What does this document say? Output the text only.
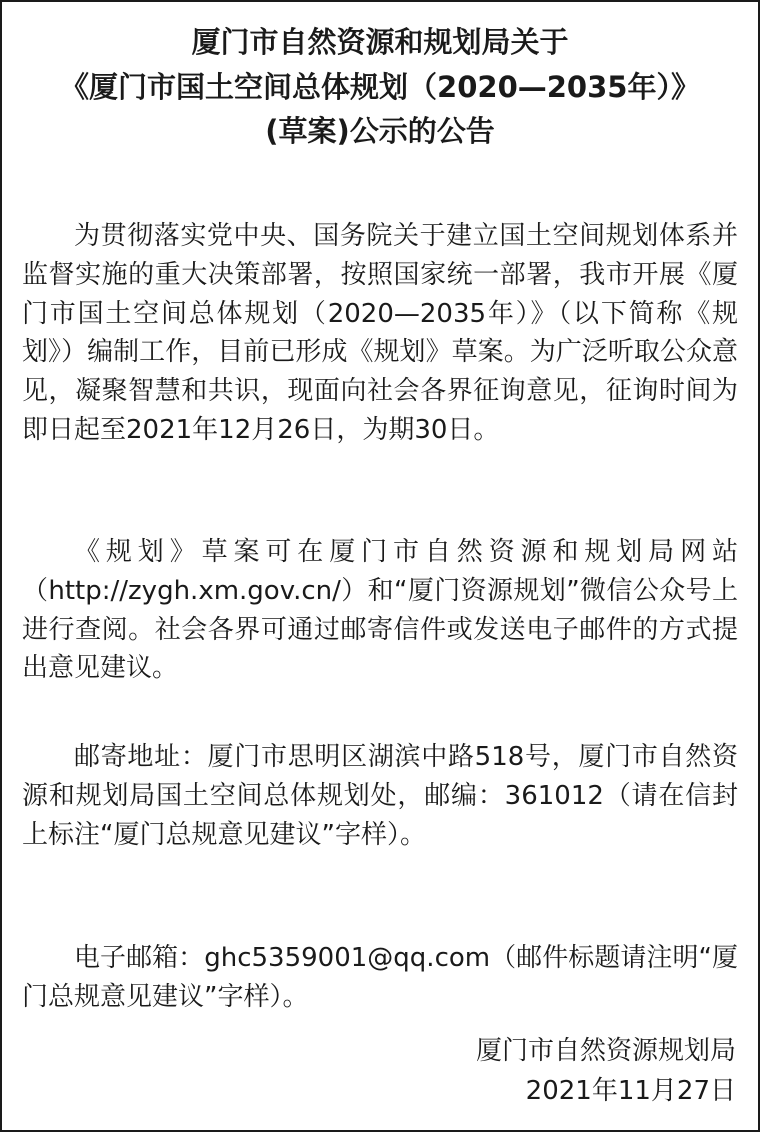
厦门市自然资源和规划局关于
《厦门市国土空间总体规划（2020—2035年）》
(草案)公示的公告

为贯彻落实党中央、国务院关于建立国土空间规划体系并监督实施的重大决策部署，按照国家统一部署，我市开展《厦门市国土空间总体规划（2020—2035年）》（以下简称《规划》）编制工作，目前已形成《规划》草案。为广泛听取公众意见，凝聚智慧和共识，现面向社会各界征询意见，征询时间为即日起至2021年12月26日，为期30日。

《规划》草案可在厦门市自然资源和规划局网站（http://zygh.xm.gov.cn/）和“厦门资源规划”微信公众号上进行查阅。社会各界可通过邮寄信件或发送电子邮件的方式提出意见建议。

邮寄地址：厦门市思明区湖滨中路518号，厦门市自然资源和规划局国土空间总体规划处，邮编：361012（请在信封上标注“厦门总规意见建议”字样）。

电子邮箱：ghc5359001@qq.com（邮件标题请注明“厦门总规意见建议”字样）。

厦门市自然资源规划局
2021年11月27日
